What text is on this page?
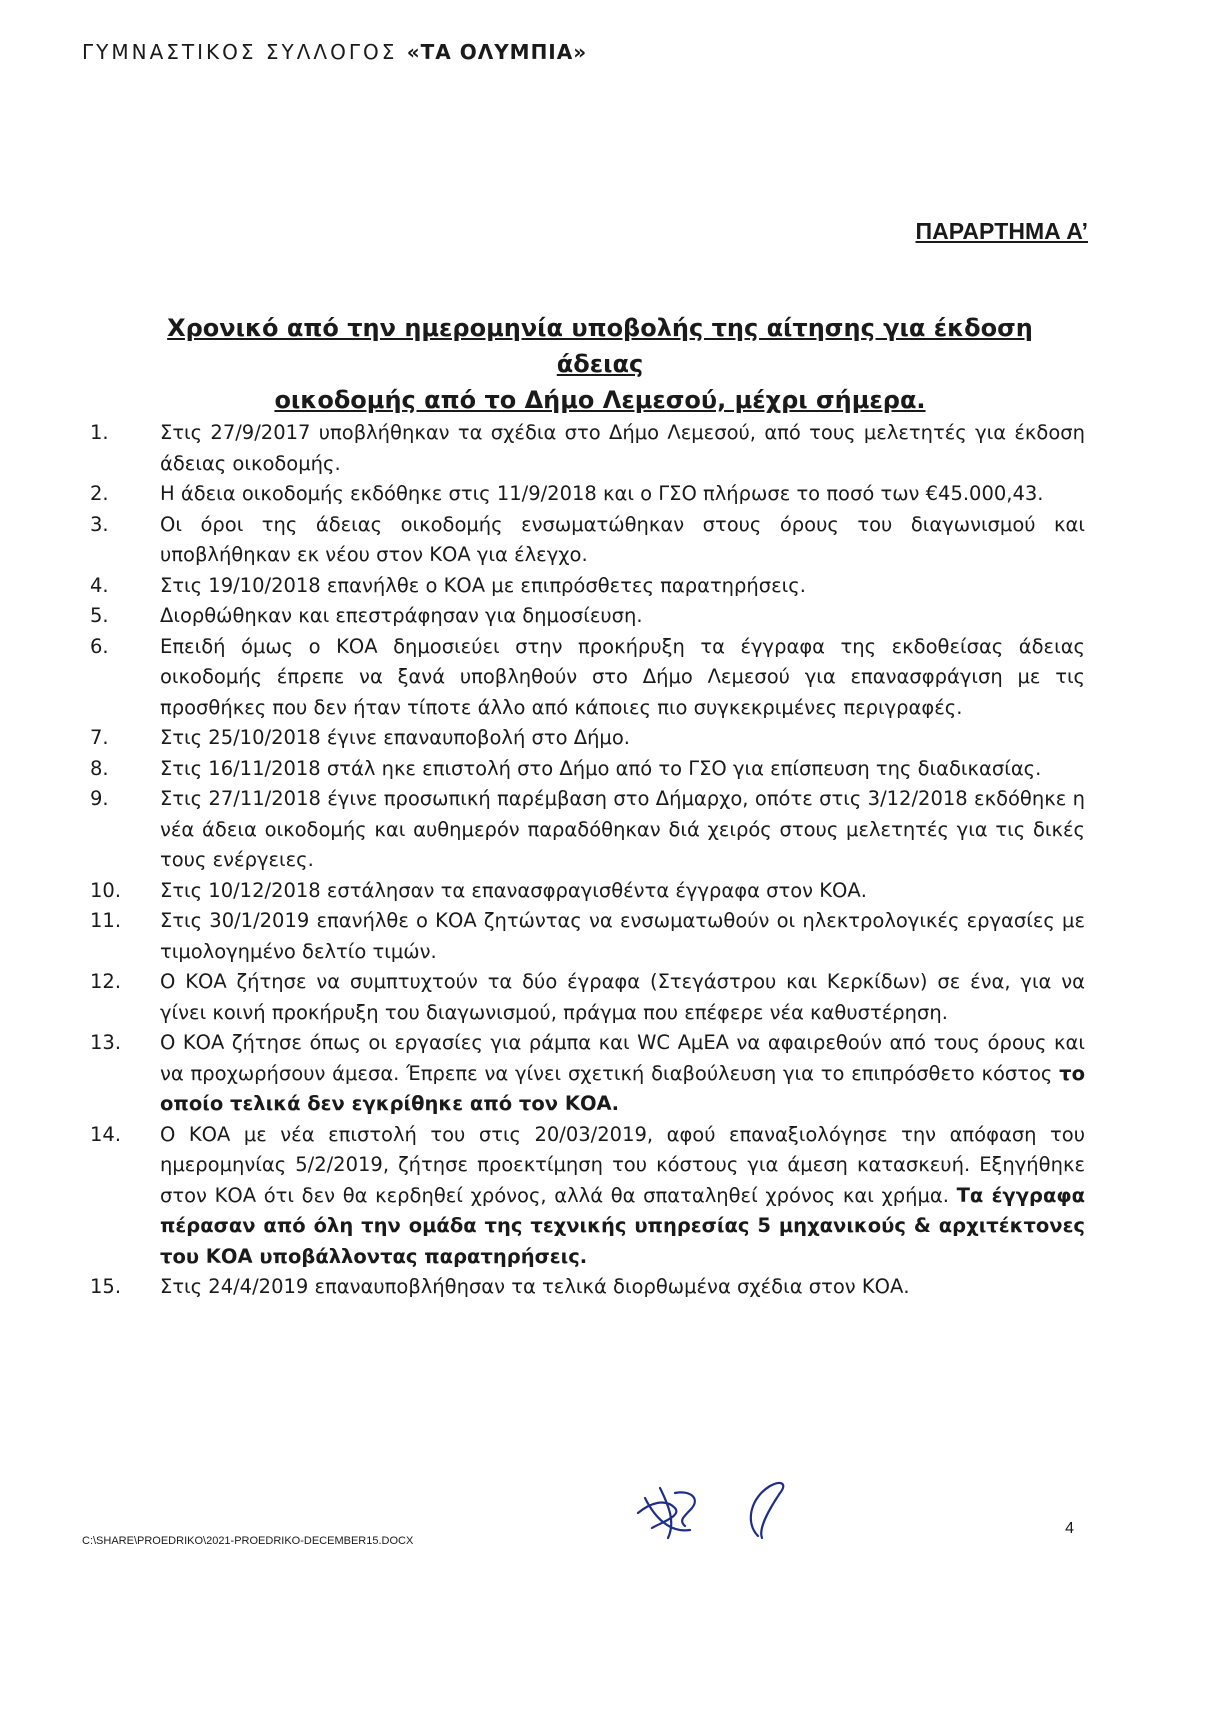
ΓΥΜΝΑΣΤΙΚΟΣ ΣΥΛΛΟΓΟΣ «ΤΑ ΟΛΥΜΠΙΑ»
ΠΑΡΑΡΤΗΜΑ Α’
Χρονικό από την ημερομηνία υποβολής της αίτησης για έκδοση άδειας
οικοδομής από το Δήμο Λεμεσού, μέχρι σήμερα.
1.	Στις 27/9/2017 υποβλήθηκαν τα σχέδια στο Δήμο Λεμεσού, από τους μελετητές για έκδοση άδειας οικοδομής.
2.	Η άδεια οικοδομής εκδόθηκε στις 11/9/2018 και ο ΓΣΟ πλήρωσε το ποσό των €45.000,43.
3.	Οι όροι της άδειας οικοδομής ενσωματώθηκαν στους όρους του διαγωνισμού και υποβλήθηκαν εκ νέου στον ΚΟΑ για έλεγχο.
4.	Στις 19/10/2018 επανήλθε ο ΚΟΑ με επιπρόσθετες παρατηρήσεις.
5.	Διορθώθηκαν και επεστράφησαν για δημοσίευση.
6.	Επειδή όμως ο ΚΟΑ δημοσιεύει στην προκήρυξη τα έγγραφα της εκδοθείσας άδειας οικοδομής έπρεπε να ξανά υποβληθούν στο Δήμο Λεμεσού για επανασφράγιση με τις προσθήκες που δεν ήταν τίποτε άλλο από κάποιες πιο συγκεκριμένες περιγραφές.
7.	Στις 25/10/2018 έγινε επαναυποβολή στο Δήμο.
8.	Στις 16/11/2018 στάλ ηκε επιστολή στο Δήμο από το ΓΣΟ για επίσπευση της διαδικασίας.
9.	Στις 27/11/2018 έγινε προσωπική παρέμβαση στο Δήμαρχο, οπότε στις 3/12/2018 εκδόθηκε η νέα άδεια οικοδομής και αυθημερόν παραδόθηκαν διά χειρός στους μελετητές για τις δικές τους ενέργειες.
10.	Στις 10/12/2018 εστάλησαν τα επανασφραγισθέντα έγγραφα στον ΚΟΑ.
11.	Στις 30/1/2019 επανήλθε ο ΚΟΑ ζητώντας να ενσωματωθούν οι ηλεκτρολογικές εργασίες με τιμολογημένο δελτίο τιμών.
12.	Ο ΚΟΑ ζήτησε να συμπτυχτούν τα δύο έγραφα (Στεγάστρου και Κερκίδων) σε ένα, για να γίνει κοινή προκήρυξη του διαγωνισμού, πράγμα που επέφερε νέα καθυστέρηση.
13.	Ο ΚΟΑ ζήτησε όπως οι εργασίες για ράμπα και WC ΑμΕΑ να αφαιρεθούν από τους όρους και να προχωρήσουν άμεσα. Έπρεπε να γίνει σχετική διαβούλευση για το επιπρόσθετο κόστος το οποίο τελικά δεν εγκρίθηκε από τον ΚΟΑ.
14.	Ο ΚΟΑ με νέα επιστολή του στις 20/03/2019, αφού επαναξιολόγησε την απόφαση του ημερομηνίας 5/2/2019, ζήτησε προεκτίμηση του κόστους για άμεση κατασκευή. Εξηγήθηκε στον ΚΟΑ ότι δεν θα κερδηθεί χρόνος, αλλά θα σπαταληθεί χρόνος και χρήμα. Τα έγγραφα πέρασαν από όλη την ομάδα της τεχνικής υπηρεσίας 5 μηχανικούς & αρχιτέκτονες του ΚΟΑ υποβάλλοντας παρατηρήσεις.
15.	Στις 24/4/2019 επαναυποβλήθησαν τα τελικά διορθωμένα σχέδια στον ΚΟΑ.
C:\SHARE\PROEDRIKO\2021-PROEDRIKO-DECEMBER15.DOCX
4
